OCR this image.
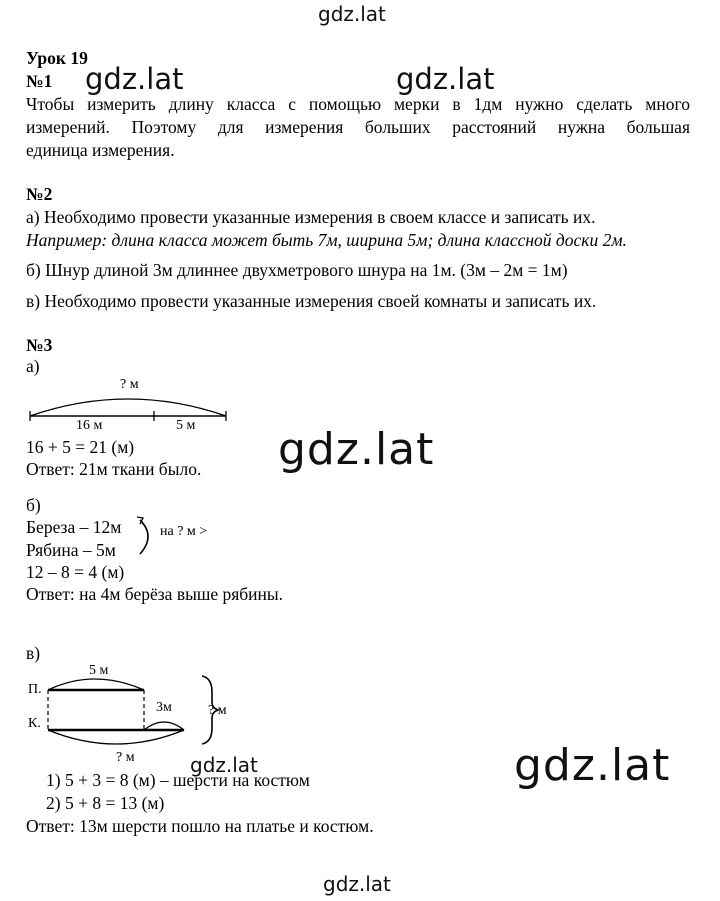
gdz.lat
gdz.lat	gdz.lat
gdz.lat
gdz.lat
gdz.lat
gdz.lat
Урок 19
№1
Чтобы измерить длину класса с помощью мерки в 1дм нужно сделать много
измерений. Поэтому для измерения больших расстояний нужна большая
единица измерения.
№2
а) Необходимо провести указанные измерения в своем классе и записать их.
Например: длина класса может быть 7м, ширина 5м; длина классной доски 2м.
б) Шнур длиной 3м длиннее двухметрового шнура на 1м. (3м – 2м = 1м)
в) Необходимо провести указанные измерения своей комнаты и записать их.
№3
а)
? м
16 м	5 м
16 + 5 = 21 (м)
Ответ: 21м ткани было.
б)
Береза – 12м
Рябина – 5м
на ? м >
12 – 8 = 4 (м)
Ответ: на 4м берёза выше рябины.
в)
5 м
П.
К.
3м	? м
? м
1) 5 + 3 = 8 (м) – шерсти на костюм
2) 5 + 8 = 13 (м)
Ответ: 13м шерсти пошло на платье и костюм.
